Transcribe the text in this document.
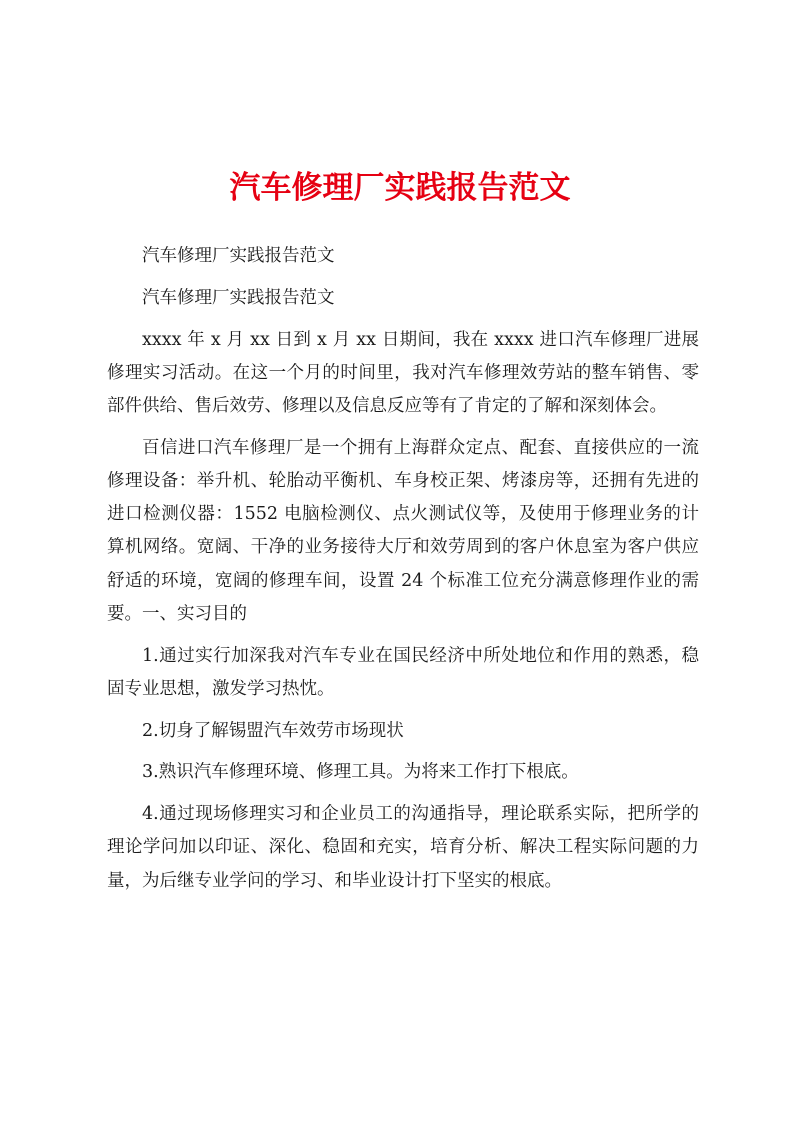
汽车修理厂实践报告范文

汽车修理厂实践报告范文

汽车修理厂实践报告范文

xxxx 年 x 月 xx 日到 x 月 xx 日期间，我在 xxxx 进口汽车修理厂进展修理实习活动。在这一个月的时间里，我对汽车修理效劳站的整车销售、零部件供给、售后效劳、修理以及信息反应等有了肯定的了解和深刻体会。

百信进口汽车修理厂是一个拥有上海群众定点、配套、直接供应的一流修理设备：举升机、轮胎动平衡机、车身校正架、烤漆房等，还拥有先进的进口检测仪器：1552 电脑检测仪、点火测试仪等，及使用于修理业务的计算机网络。宽阔、干净的业务接待大厅和效劳周到的客户休息室为客户供应舒适的环境，宽阔的修理车间，设置 24 个标准工位充分满意修理作业的需要。一、实习目的

1.通过实行加深我对汽车专业在国民经济中所处地位和作用的熟悉，稳固专业思想，激发学习热忱。

2.切身了解锡盟汽车效劳市场现状

3.熟识汽车修理环境、修理工具。为将来工作打下根底。

4.通过现场修理实习和企业员工的沟通指导，理论联系实际，把所学的理论学问加以印证、深化、稳固和充实，培育分析、解决工程实际问题的力量，为后继专业学问的学习、和毕业设计打下坚实的根底。
